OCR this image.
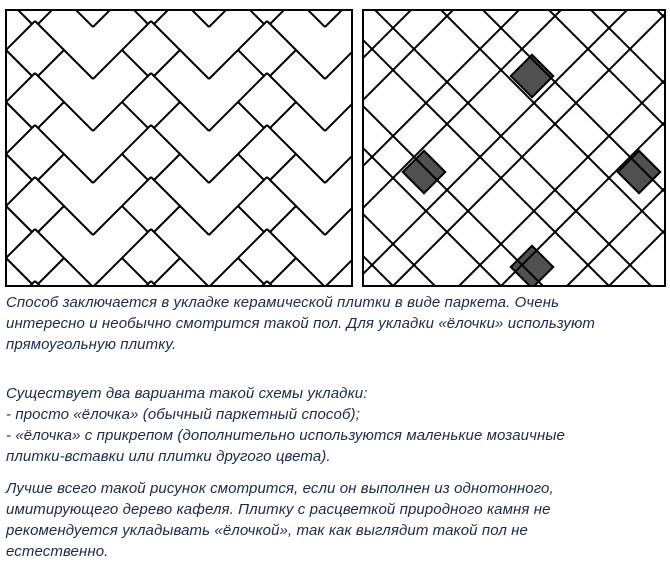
Способ заключается в укладке керамической плитки в виде паркета. Очень

интересно и необычно смотрится такой пол. Для укладки «ёлочки» используют

прямоугольную плитку.

Существует два варианта такой схемы укладки:

- просто «ёлочка» (обычный паркетный способ);

- «ёлочка» с прикрепом (дополнительно используются маленькие мозаичные

плитки-вставки или плитки другого цвета).

Лучше всего такой рисунок смотрится, если он выполнен из однотонного,

имитирующего дерево кафеля. Плитку с расцветкой природного камня не

рекомендуется укладывать «ёлочкой», так как выглядит такой пол не

естественно.
